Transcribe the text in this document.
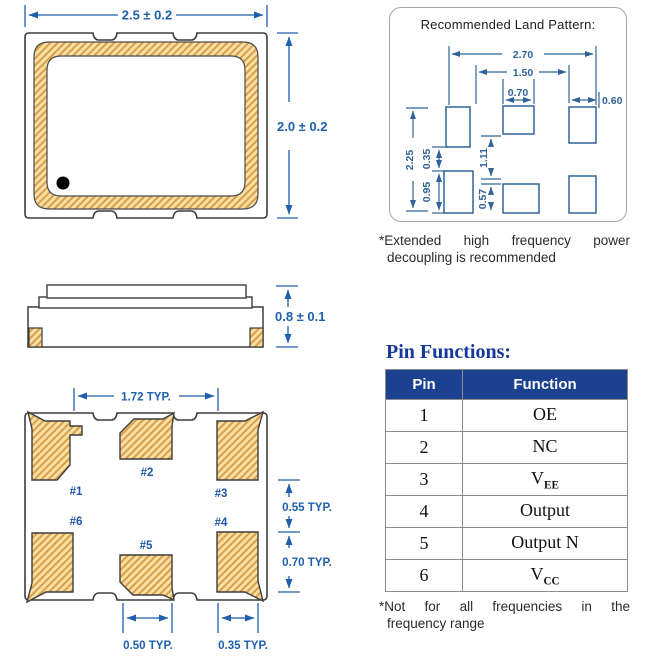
2.5 ± 0.2
2.0 ± 0.2
0.8 ± 0.1
#1
#2
#3
#4
#5
#6
1.72 TYP.
0.55 TYP.
0.70 TYP.
0.50 TYP.	0.35 TYP.
2.70
1.50
0.70
0.60
2.25 0.35
0.95
1.11
0.57
Recommended Land Pattern:
*Extended high frequency power
decoupling is recommended
Pin Functions:
Pin	Function
1	OE
2	NC
3	$V_{EE}$
4	Output
5	Output N
6	$V_{CC}$
*Not for all frequencies in the
frequency range
